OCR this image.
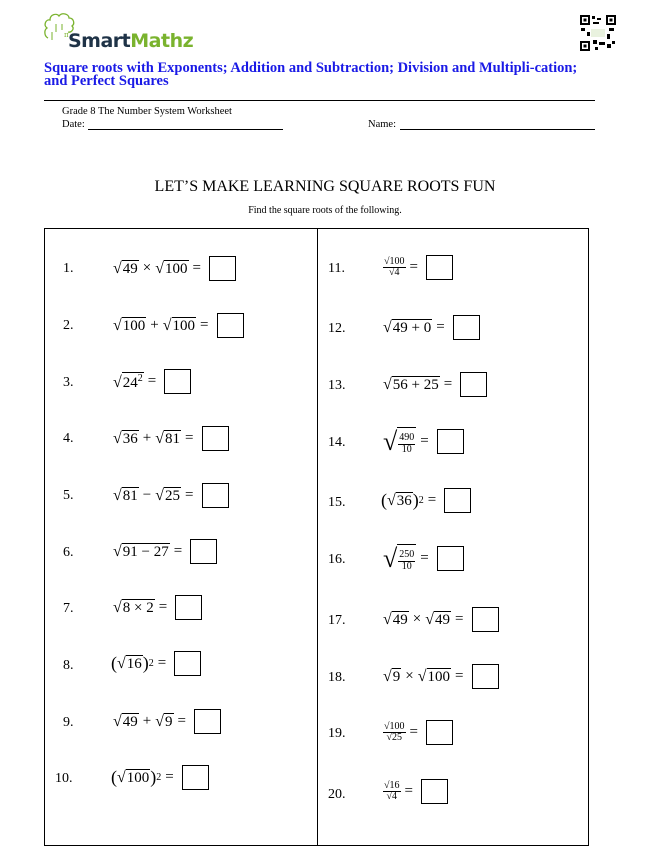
π SmartMathz
Square roots with Exponents; Addition and Subtraction; Division and Multipli-cation; and Perfect Squares
Grade 8 The Number System Worksheet
Date:	Name:
LET’S MAKE LEARNING SQUARE ROOTS FUN
Find the square roots of the following.
1. √ 49 × √ 100 =
2. √ 100 + √ 100 =
3. √ $24^2$ =
4. √ 36 + √ 81 =
5. √ 81 − √ 25 =
6. √ 91 − 27 =
7. √ 8 × 2 =
8. ( √ 16 ) 2 =
9. √ 49 + √ 9 =
10. ( √ 100 ) 2 =
11.	$\frac{√100}{√4}$ =
12. √ 49 + 0 =
13. √ 56 + 25 =
14. √ $\frac{490}{10}$ =
15. ( √ 36 ) 2 =
16. √ $\frac{250}{10}$ =
17. √ 49 × √ 49 =
18. √ 9 × √ 100 =
19.	$\frac{√100}{√25}$ =
20.	$\frac{√16}{√4}$ =
